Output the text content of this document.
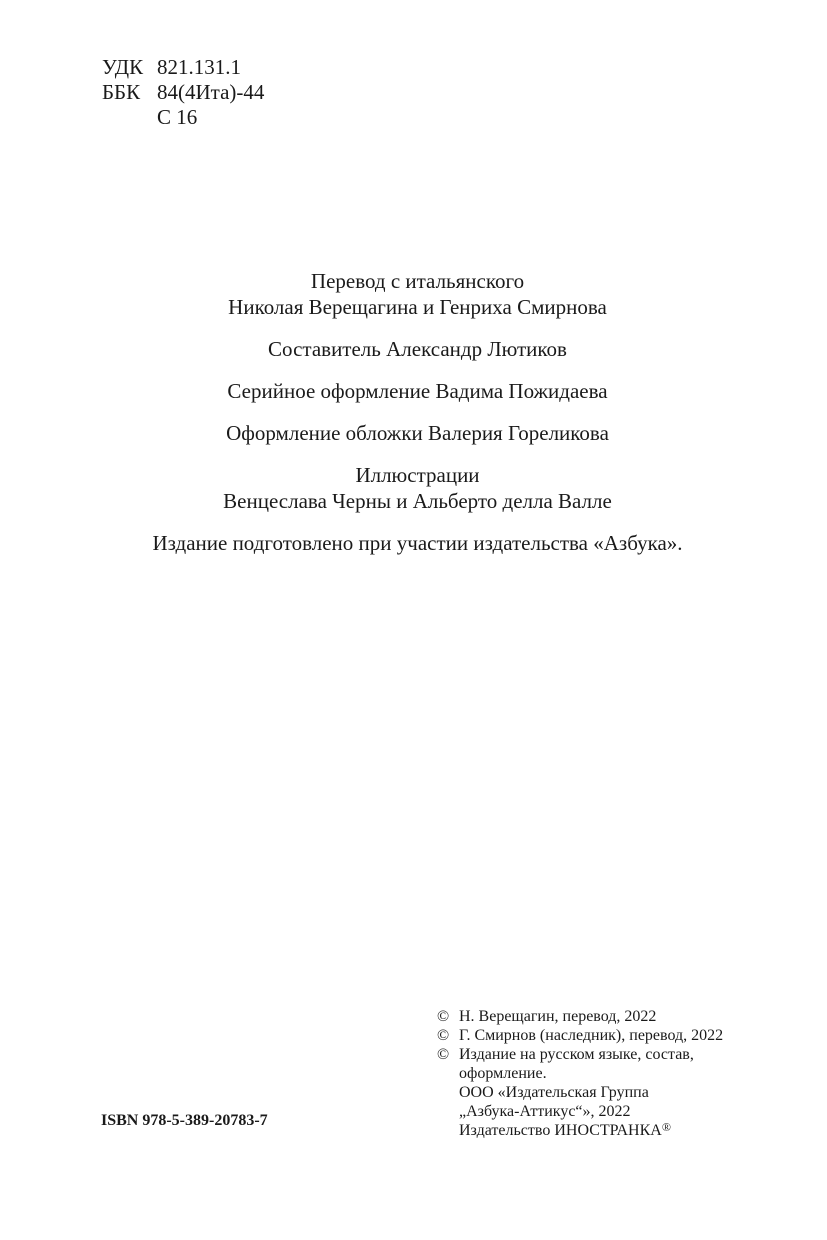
УДК 821.131.1
ББК 84(4Ита)-44
С 16
Перевод с итальянского
Николая Верещагина и Генриха Смирнова
Составитель Александр Лютиков
Серийное оформление Вадима Пожидаева
Оформление обложки Валерия Гореликова
Иллюстрации
Венцеслава Черны и Альберто делла Валле
Издание подготовлено при участии издательства «Азбука».
ISBN 978-5-389-20783-7
© Н. Верещагин, перевод, 2022
© Г. Смирнов (наследник), перевод, 2022
© Издание на русском языке, состав,
оформление.
ООО «Издательская Группа
„Азбука-Аттикус“», 2022
Издательство ИНОСТРАНКА®
